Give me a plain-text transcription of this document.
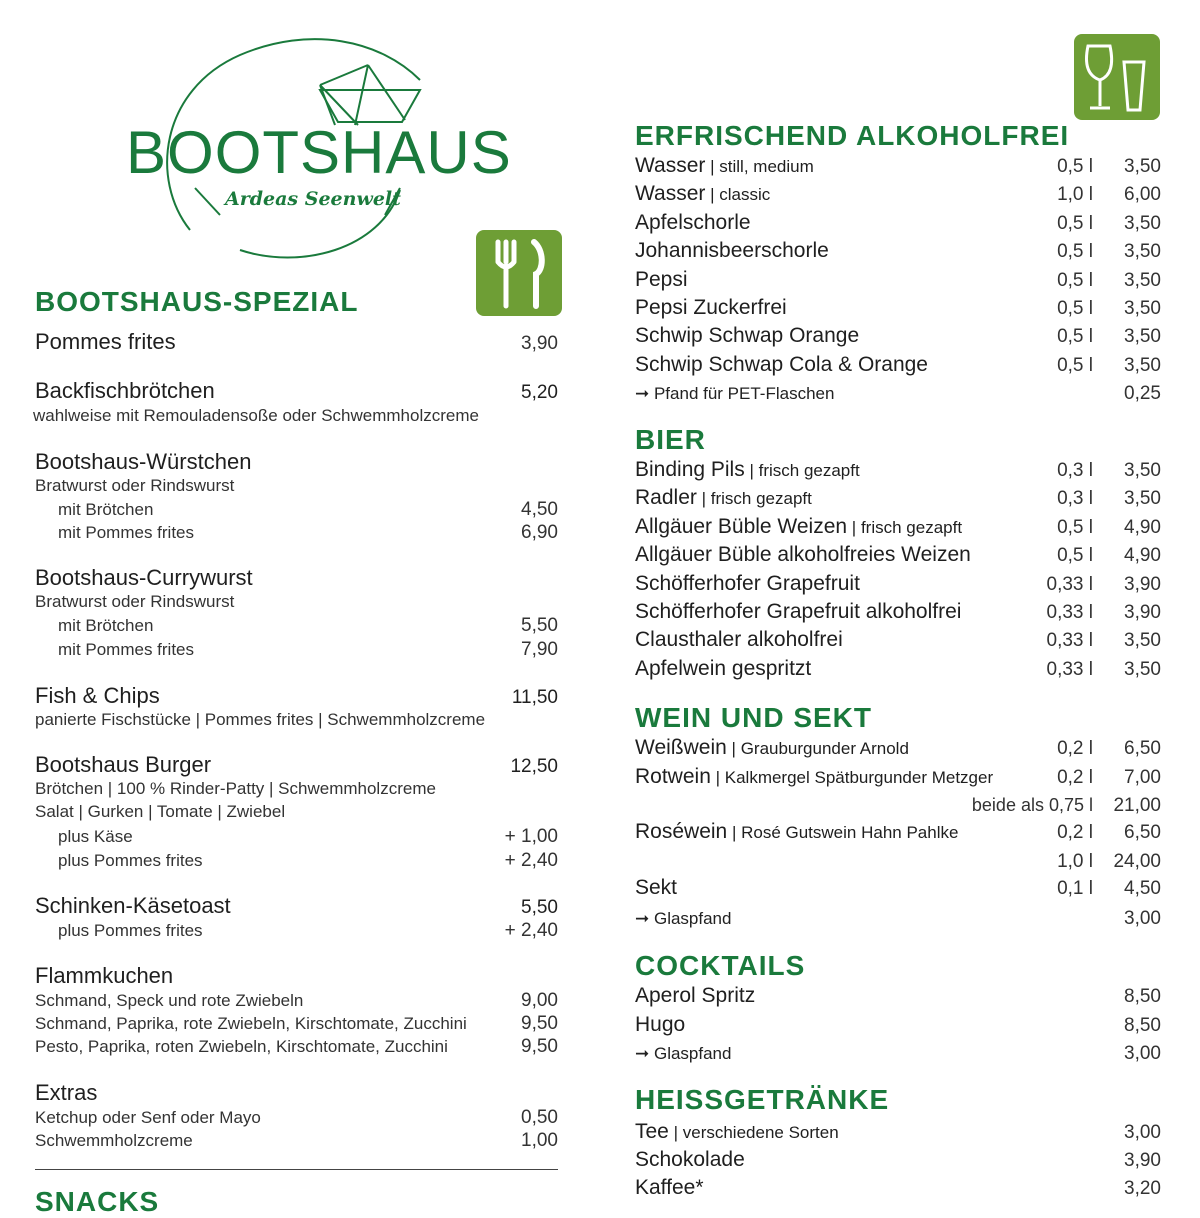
BOOTSHAUS
Ardeas Seenwelt
BOOTSHAUS-SPEZIAL
Pommes frites	3,90
Backfischbrötchen	5,20
wahlweise mit Remouladensoße oder Schwemmholzcreme
Bootshaus-Würstchen
Bratwurst oder Rindswurst
mit Brötchen	4,50
mit Pommes frites	6,90
Bootshaus-Currywurst
Bratwurst oder Rindswurst
mit Brötchen	5,50
mit Pommes frites	7,90
Fish & Chips	11,50
panierte Fischstücke | Pommes frites | Schwemmholzcreme
Bootshaus Burger	12,50
Brötchen | 100 % Rinder-Patty | Schwemmholzcreme
Salat | Gurken | Tomate | Zwiebel
plus Käse	+ 1,00
plus Pommes frites	+ 2,40
Schinken-Käsetoast	5,50
plus Pommes frites	+ 2,40
Flammkuchen
Schmand, Speck und rote Zwiebeln	9,00
Schmand, Paprika, rote Zwiebeln, Kirschtomate, Zucchini	9,50
Pesto, Paprika, roten Zwiebeln, Kirschtomate, Zucchini	9,50
Extras
Ketchup oder Senf oder Mayo	0,50
Schwemmholzcreme	1,00
SNACKS
ERFRISCHEND ALKOHOLFREI
Wasser | still, medium	0,5 l	3,50
Wasser | classic	1,0 l	6,00
Apfelschorle	0,5 l	3,50
Johannisbeerschorle	0,5 l	3,50
Pepsi	0,5 l	3,50
Pepsi Zuckerfrei	0,5 l	3,50
Schwip Schwap Orange	0,5 l	3,50
Schwip Schwap Cola & Orange	0,5 l	3,50
➞ Pfand für PET-Flaschen	0,25
BIER
Binding Pils | frisch gezapft	0,3 l	3,50
Radler | frisch gezapft	0,3 l	3,50
Allgäuer Büble Weizen | frisch gezapft	0,5 l	4,90
Allgäuer Büble alkoholfreies Weizen	0,5 l	4,90
Schöfferhofer Grapefruit	0,33 l	3,90
Schöfferhofer Grapefruit alkoholfrei	0,33 l	3,90
Clausthaler alkoholfrei	0,33 l	3,50
Apfelwein gespritzt	0,33 l	3,50
WEIN UND SEKT
Weißwein | Grauburgunder Arnold	0,2 l	6,50
Rotwein | Kalkmergel Spätburgunder Metzger	0,2 l	7,00
beide als 0,75 l	21,00
Roséwein | Rosé Gutswein Hahn Pahlke	0,2 l	6,50
1,0 l	24,00
Sekt	0,1 l	4,50
➞ Glaspfand	3,00
COCKTAILS
Aperol Spritz	8,50
Hugo	8,50
➞ Glaspfand	3,00
HEISSGETRÄNKE
Tee | verschiedene Sorten	3,00
Schokolade	3,90
Kaffee*	3,20
